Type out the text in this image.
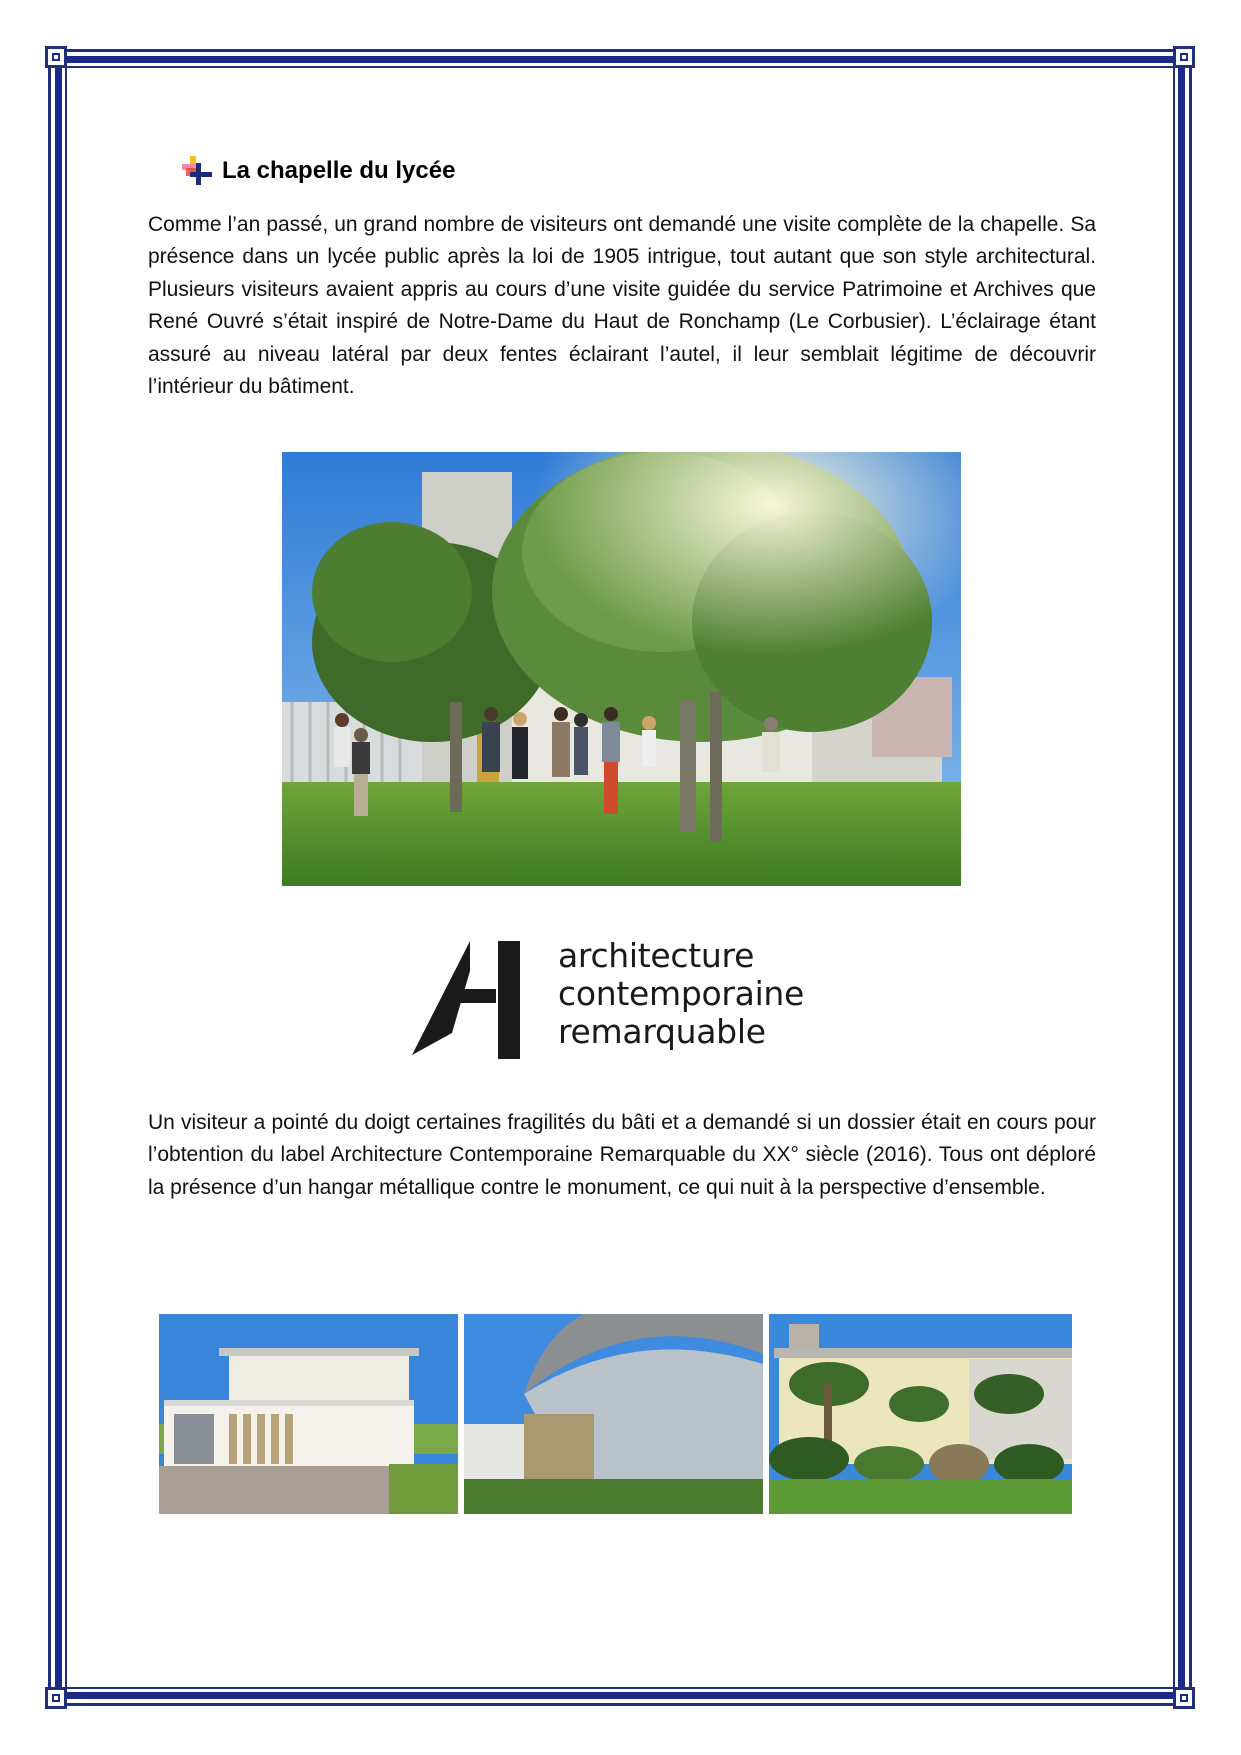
La chapelle du lycée

Comme l’an passé, un grand nombre de visiteurs ont demandé une visite complète de la chapelle. Sa présence dans un lycée public après la loi de 1905 intrigue, tout autant que son style architectural. Plusieurs visiteurs avaient appris au cours d’une visite guidée du service Patrimoine et Archives que René Ouvré s’était inspiré de Notre-Dame du Haut de Ronchamp (Le Corbusier). L’éclairage étant assuré au niveau latéral par deux fentes éclairant l’autel, il leur semblait légitime de découvrir l’intérieur du bâtiment.

architecture
contemporaine
remarquable

Un visiteur a pointé du doigt certaines fragilités du bâti et a demandé si un dossier était en cours pour l’obtention du label Architecture Contemporaine Remarquable du XX° siècle (2016). Tous ont déploré la présence d’un hangar métallique contre le monument, ce qui nuit à la perspective d’ensemble.
